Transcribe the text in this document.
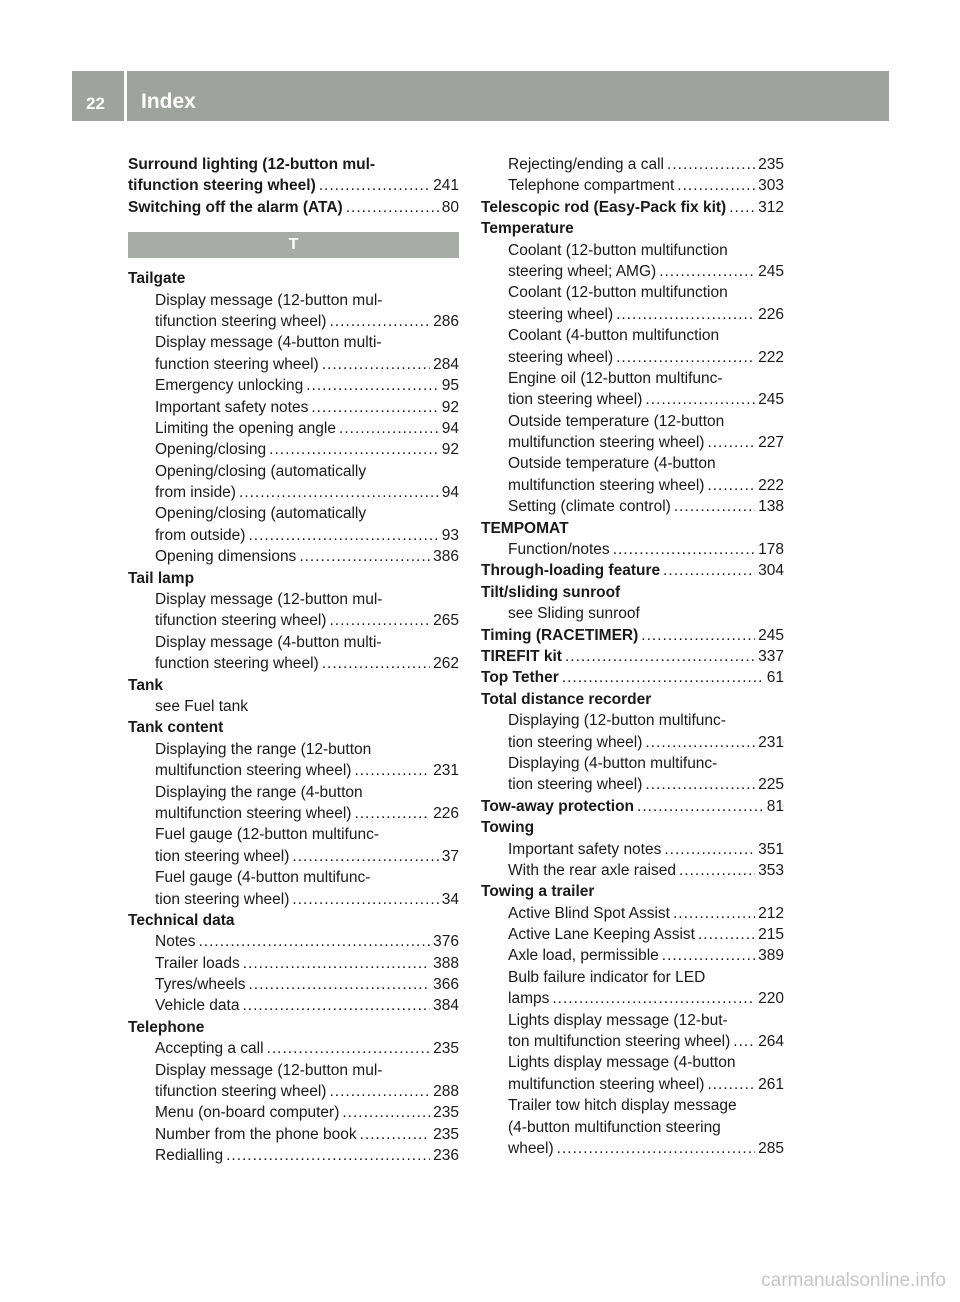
22 Index
Surround lighting (12-button mul-
tifunction steering wheel) .....	241
Switching off the alarm (ATA) .....	80
T
Tailgate
Display message (12-button mul-
tifunction steering wheel) .....	286
Display message (4-button multi-
function steering wheel) .....	284
Emergency unlocking .....	95
Important safety notes .....	92
Limiting the opening angle .....	94
Opening/closing .....	92
Opening/closing (automatically
from inside) .....	94
Opening/closing (automatically
from outside) .....	93
Opening dimensions .....	386
Tail lamp
Display message (12-button mul-
tifunction steering wheel) .....	265
Display message (4-button multi-
function steering wheel) .....	262
Tank
see Fuel tank
Tank content
Displaying the range (12-button
multifunction steering wheel) .....	231
Displaying the range (4-button
multifunction steering wheel) .....	226
Fuel gauge (12-button multifunc-
tion steering wheel) .....	37
Fuel gauge (4-button multifunc-
tion steering wheel) .....	34
Technical data
Notes .....	376
Trailer loads .....	388
Tyres/wheels .....	366
Vehicle data .....	384
Telephone
Accepting a call .....	235
Display message (12-button mul-
tifunction steering wheel) .....	288
Menu (on-board computer) .....	235
Number from the phone book .....	235
Redialling .....	236
Rejecting/ending a call .....	235
Telephone compartment .....	303
Telescopic rod (Easy-Pack fix kit) ..... 312
Temperature
Coolant (12-button multifunction
steering wheel; AMG) .....	245
Coolant (12-button multifunction
steering wheel) .....	226
Coolant (4-button multifunction
steering wheel) .....	222
Engine oil (12-button multifunc-
tion steering wheel) .....	245
Outside temperature (12-button
multifunction steering wheel) .....	227
Outside temperature (4-button
multifunction steering wheel) .....	222
Setting (climate control) .....	138
TEMPOMAT
Function/notes .....	178
Through-loading feature .....	304
Tilt/sliding sunroof
see Sliding sunroof
Timing (RACETIMER) .....	245
TIREFIT kit .....	337
Top Tether .....	61
Total distance recorder
Displaying (12-button multifunc-
tion steering wheel) .....	231
Displaying (4-button multifunc-
tion steering wheel) .....	225
Tow-away protection .....	81
Towing
Important safety notes .....	351
With the rear axle raised .....	353
Towing a trailer
Active Blind Spot Assist .....	212
Active Lane Keeping Assist .....	215
Axle load, permissible .....	389
Bulb failure indicator for LED
lamps .....	220
Lights display message (12-but-
ton multifunction steering wheel) ..... 264
Lights display message (4-button
multifunction steering wheel) .....	261
Trailer tow hitch display message
(4-button multifunction steering
wheel) .....	285
carmanualsonline.info
